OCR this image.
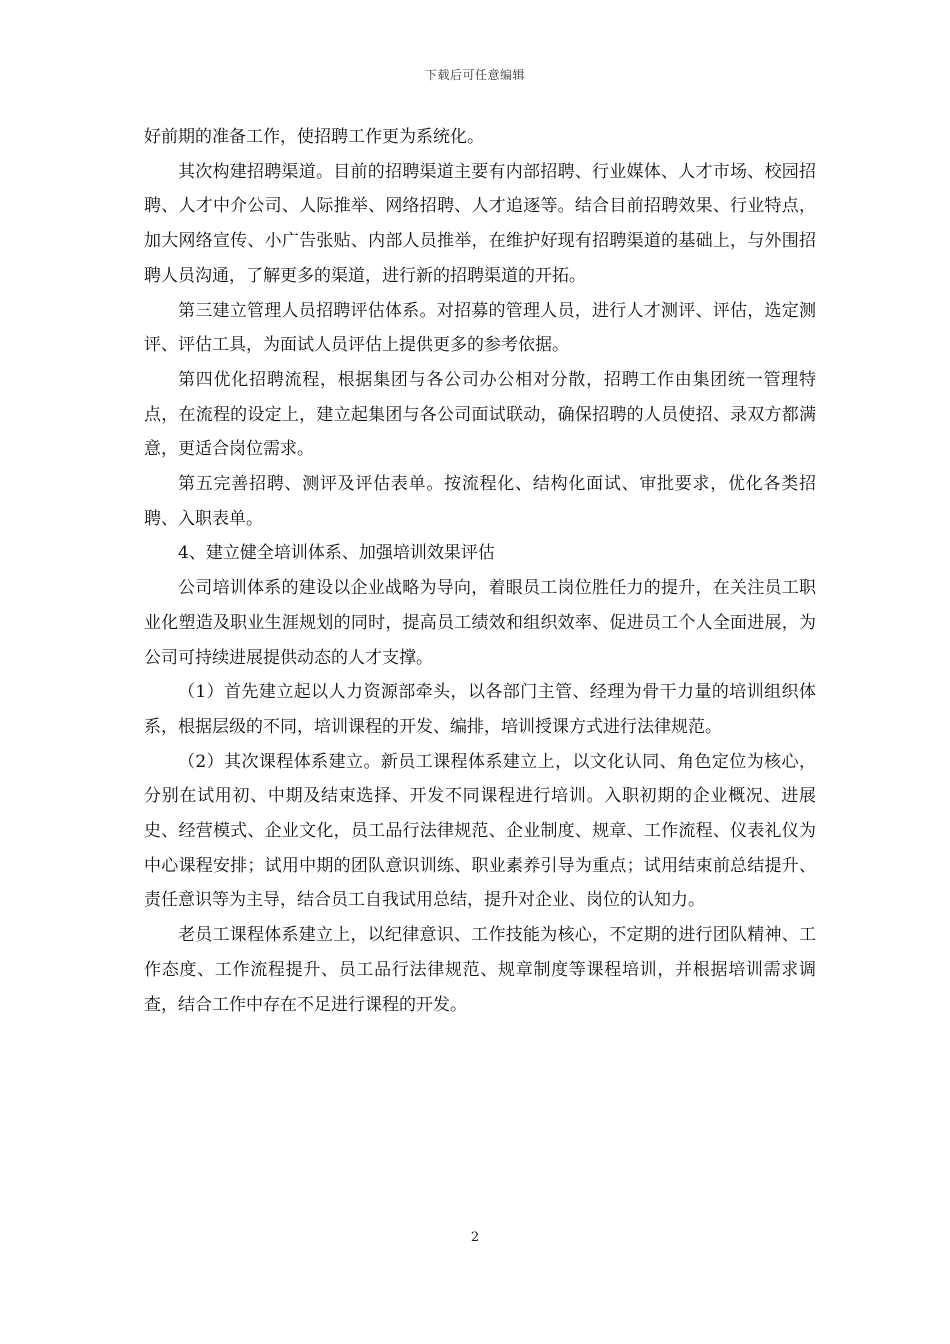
下载后可任意编辑

好前期的准备工作，使招聘工作更为系统化。

其次构建招聘渠道。目前的招聘渠道主要有内部招聘、行业媒体、人才市场、校园招聘、人才中介公司、人际推举、网络招聘、人才追逐等。结合目前招聘效果、行业特点，加大网络宣传、小广告张贴、内部人员推举，在维护好现有招聘渠道的基础上，与外围招聘人员沟通，了解更多的渠道，进行新的招聘渠道的开拓。

第三建立管理人员招聘评估体系。对招募的管理人员，进行人才测评、评估，选定测评、评估工具，为面试人员评估上提供更多的参考依据。

第四优化招聘流程，根据集团与各公司办公相对分散，招聘工作由集团统一管理特点，在流程的设定上，建立起集团与各公司面试联动，确保招聘的人员使招、录双方都满意，更适合岗位需求。

第五完善招聘、测评及评估表单。按流程化、结构化面试、审批要求，优化各类招聘、入职表单。

4、建立健全培训体系、加强培训效果评估

公司培训体系的建设以企业战略为导向，着眼员工岗位胜任力的提升，在关注员工职业化塑造及职业生涯规划的同时，提高员工绩效和组织效率、促进员工个人全面进展，为公司可持续进展提供动态的人才支撑。

（1）首先建立起以人力资源部牵头，以各部门主管、经理为骨干力量的培训组织体系，根据层级的不同，培训课程的开发、编排，培训授课方式进行法律规范。

（2）其次课程体系建立。新员工课程体系建立上，以文化认同、角色定位为核心，分别在试用初、中期及结束选择、开发不同课程进行培训。入职初期的企业概况、进展史、经营模式、企业文化，员工品行法律规范、企业制度、规章、工作流程、仪表礼仪为中心课程安排；试用中期的团队意识训练、职业素养引导为重点；试用结束前总结提升、责任意识等为主导，结合员工自我试用总结，提升对企业、岗位的认知力。

老员工课程体系建立上，以纪律意识、工作技能为核心，不定期的进行团队精神、工作态度、工作流程提升、员工品行法律规范、规章制度等课程培训，并根据培训需求调查，结合工作中存在不足进行课程的开发。

2
